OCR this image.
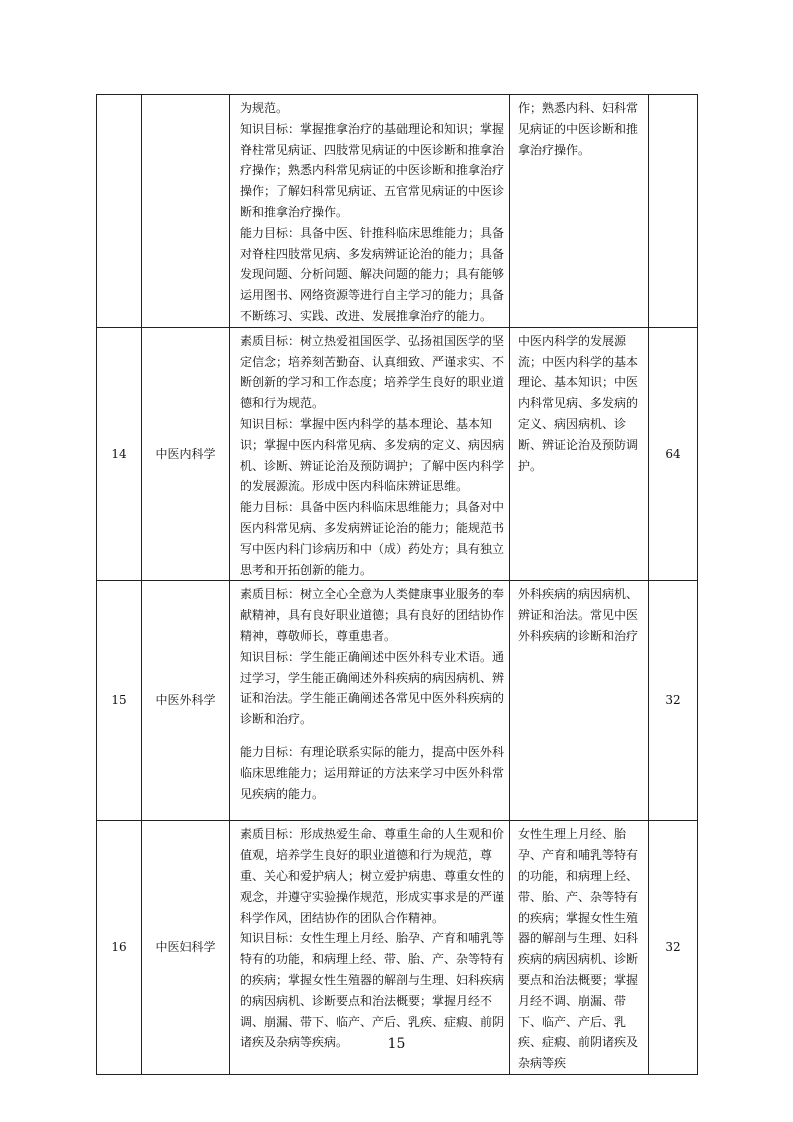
		为规范。

知识目标：掌握推拿治疗的基础理论和知识；掌握脊柱常见病证、四肢常见病证的中医诊断和推拿治疗操作；熟悉内科常见病证的中医诊断和推拿治疗操作；了解妇科常见病证、五官常见病证的中医诊断和推拿治疗操作。

能力目标：具备中医、针推科临床思维能力；具备对脊柱四肢常见病、多发病辨证论治的能力；具备发现问题、分析问题、解决问题的能力；具有能够运用图书、网络资源等进行自主学习的能力；具备不断练习、实践、改进、发展推拿治疗的能力。	作；熟悉内科、妇科常见病证的中医诊断和推拿治疗操作。	
14	中医内科学	素质目标：树立热爱祖国医学、弘扬祖国医学的坚定信念；培养刻苦勤奋、认真细致、严谨求实、不断创新的学习和工作态度；培养学生良好的职业道德和行为规范。

知识目标：掌握中医内科学的基本理论、基本知识；掌握中医内科常见病、多发病的定义、病因病机、诊断、辨证论治及预防调护；了解中医内科学的发展源流。形成中医内科临床辨证思维。

能力目标：具备中医内科临床思维能力；具备对中医内科常见病、多发病辨证论治的能力；能规范书写中医内科门诊病历和中（成）药处方；具有独立思考和开拓创新的能力。	中医内科学的发展源流；中医内科学的基本理论、基本知识；中医内科常见病、多发病的定义、病因病机、诊断、辨证论治及预防调护。	64
15	中医外科学	素质目标：树立全心全意为人类健康事业服务的奉献精神，具有良好职业道德；具有良好的团结协作精神，尊敬师长，尊重患者。

知识目标：学生能正确阐述中医外科专业术语。通过学习，学生能正确阐述外科疾病的病因病机、辨证和治法。学生能正确阐述各常见中医外科疾病的诊断和治疗。

能力目标：有理论联系实际的能力，提高中医外科临床思维能力；运用辩证的方法来学习中医外科常见疾病的能力。	外科疾病的病因病机、辨证和治法。常见中医外科疾病的诊断和治疗	32
16	中医妇科学	素质目标：形成热爱生命、尊重生命的人生观和价值观，培养学生良好的职业道德和行为规范，尊重、关心和爱护病人；树立爱护病患、尊重女性的观念，并遵守实验操作规范，形成实事求是的严谨科学作风，团结协作的团队合作精神。

知识目标：女性生理上月经、胎孕、产育和哺乳等特有的功能，和病理上经、带、胎、产、杂等特有的疾病；掌握女性生殖器的解剖与生理、妇科疾病的病因病机、诊断要点和治法概要；掌握月经不调、崩漏、带下、临产、产后、乳疾、症瘕、前阴诸疾及杂病等疾病。	女性生理上月经、胎孕、产育和哺乳等特有的功能，和病理上经、带、胎、产、杂等特有的疾病；掌握女性生殖器的解剖与生理、妇科疾病的病因病机、诊断要点和治法概要；掌握月经不调、崩漏、带下、临产、产后、乳疾、症瘕、前阴诸疾及杂病等疾	32
15
